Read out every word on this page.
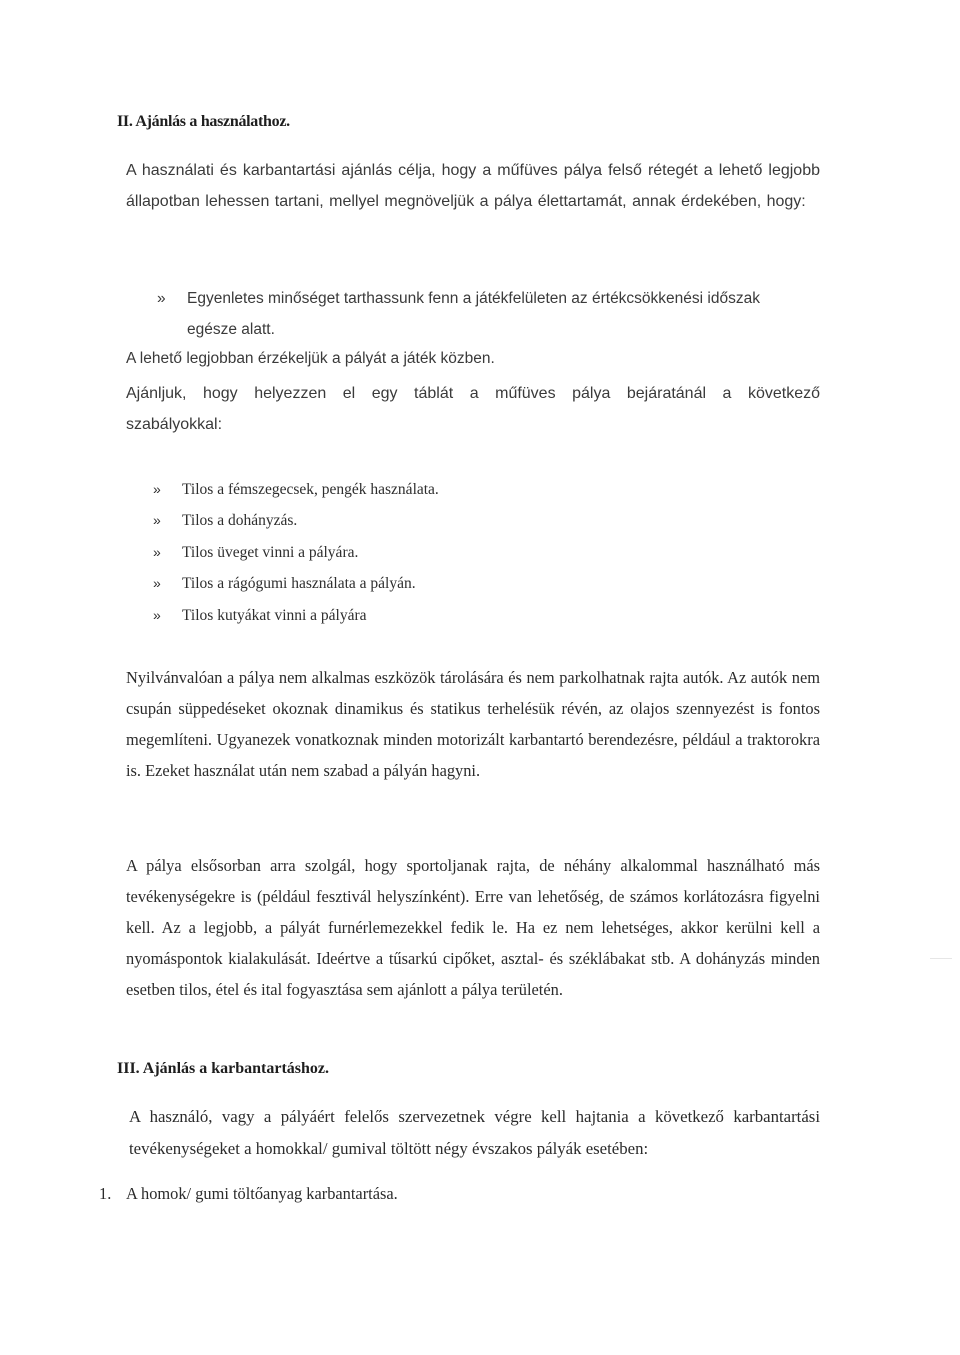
II. Ajánlás a használathoz.
A használati és karbantartási ajánlás célja, hogy a műfüves pálya felső rétegét a lehető legjobb állapotban lehessen tartani, mellyel megnöveljük a pálya élettartamát, annak érdekében, hogy:
» Egyenletes minőséget tarthassunk fenn a játékfelületen az értékcsökkenési időszak
egésze alatt.
A lehető legjobban érzékeljük a pályát a játék közben.
Ajánljuk, hogy helyezzen el egy táblát a műfüves pálya bejáratánál a következő szabályokkal:
» Tilos a fémszegecsek, pengék használata.
» Tilos a dohányzás.
» Tilos üveget vinni a pályára.
» Tilos a rágógumi használata a pályán.
» Tilos kutyákat vinni a pályára
Nyilvánvalóan a pálya nem alkalmas eszközök tárolására és nem parkolhatnak rajta autók. Az autók nem csupán süppedéseket okoznak dinamikus és statikus terhelésük révén, az olajos szennyezést is fontos megemlíteni. Ugyanezek vonatkoznak minden motorizált karbantartó berendezésre, például a traktorokra is. Ezeket használat után nem szabad a pályán hagyni.
A pálya elsősorban arra szolgál, hogy sportoljanak rajta, de néhány alkalommal használható más tevékenységekre is (például fesztivál helyszínként). Erre van lehetőség, de számos korlátozásra figyelni kell. Az a legjobb, a pályát furnérlemezekkel fedik le. Ha ez nem lehetséges, akkor kerülni kell a nyomáspontok kialakulását. Ideértve a tűsarkú cipőket, asztal- és széklábakat stb. A dohányzás minden esetben tilos, étel és ital fogyasztása sem ajánlott a pálya területén.
III. Ajánlás a karbantartáshoz.
A használó, vagy a pályáért felelős szervezetnek végre kell hajtania a következő karbantartási tevékenységeket a homokkal/ gumival töltött négy évszakos pályák esetében:
1. A homok/ gumi töltőanyag karbantartása.
